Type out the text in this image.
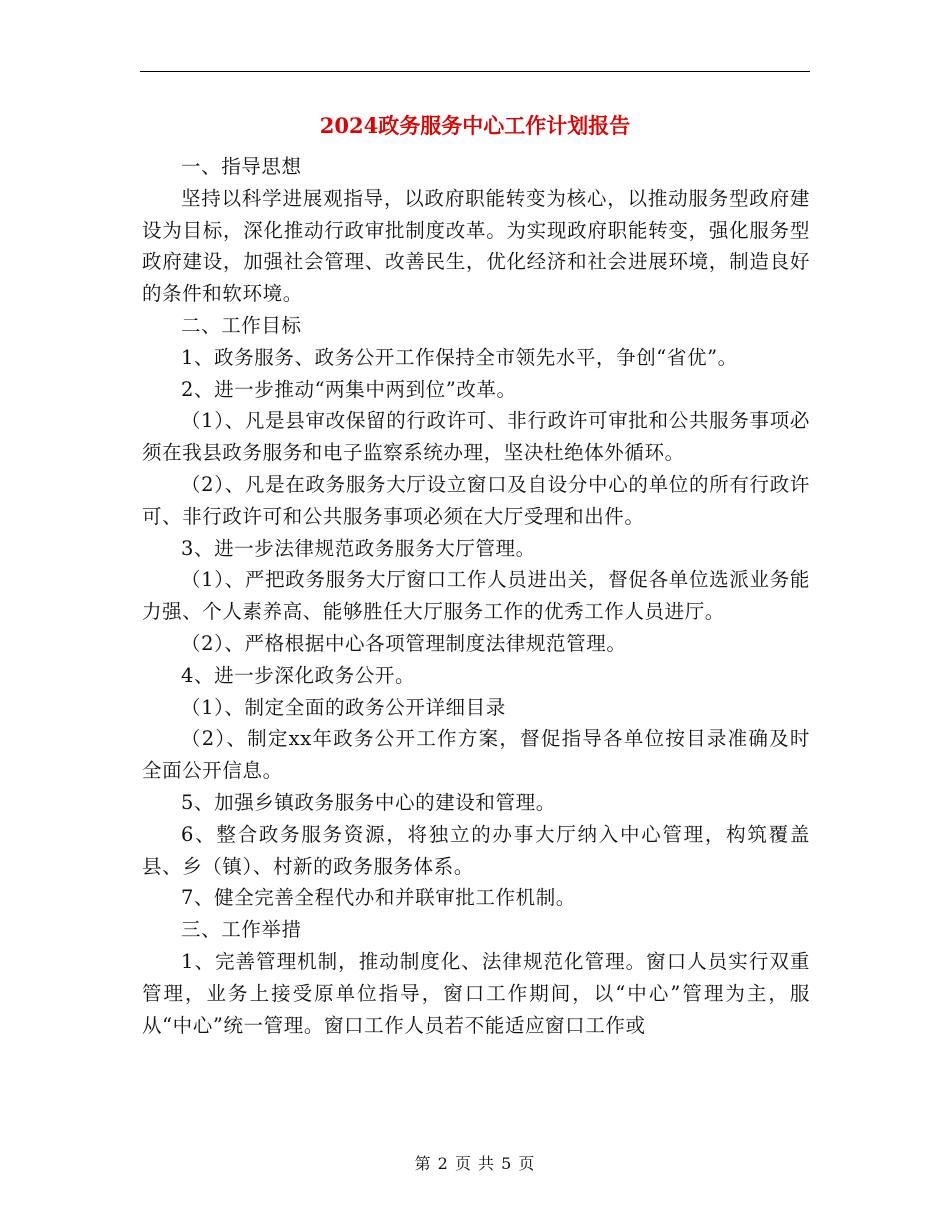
2024政务服务中心工作计划报告

一、指导思想

坚持以科学进展观指导，以政府职能转变为核心，以推动服务型政府建设为目标，深化推动行政审批制度改革。为实现政府职能转变，强化服务型政府建设，加强社会管理、改善民生，优化经济和社会进展环境，制造良好的条件和软环境。

二、工作目标

1、政务服务、政务公开工作保持全市领先水平，争创“省优”。

2、进一步推动“两集中两到位”改革。

（1）、凡是县审改保留的行政许可、非行政许可审批和公共服务事项必须在我县政务服务和电子监察系统办理，坚决杜绝体外循环。

（2）、凡是在政务服务大厅设立窗口及自设分中心的单位的所有行政许可、非行政许可和公共服务事项必须在大厅受理和出件。

3、进一步法律规范政务服务大厅管理。

（1）、严把政务服务大厅窗口工作人员进出关，督促各单位选派业务能力强、个人素养高、能够胜任大厅服务工作的优秀工作人员进厅。

（2）、严格根据中心各项管理制度法律规范管理。

4、进一步深化政务公开。

（1）、制定全面的政务公开详细目录

（2）、制定xx年政务公开工作方案，督促指导各单位按目录准确及时全面公开信息。

5、加强乡镇政务服务中心的建设和管理。

6、整合政务服务资源，将独立的办事大厅纳入中心管理，构筑覆盖县、乡（镇）、村新的政务服务体系。

7、健全完善全程代办和并联审批工作机制。

三、工作举措

1、完善管理机制，推动制度化、法律规范化管理。窗口人员实行双重管理，业务上接受原单位指导，窗口工作期间，以“中心”管理为主，服从“中心”统一管理。窗口工作人员若不能适应窗口工作或

第 2 页 共 5 页
